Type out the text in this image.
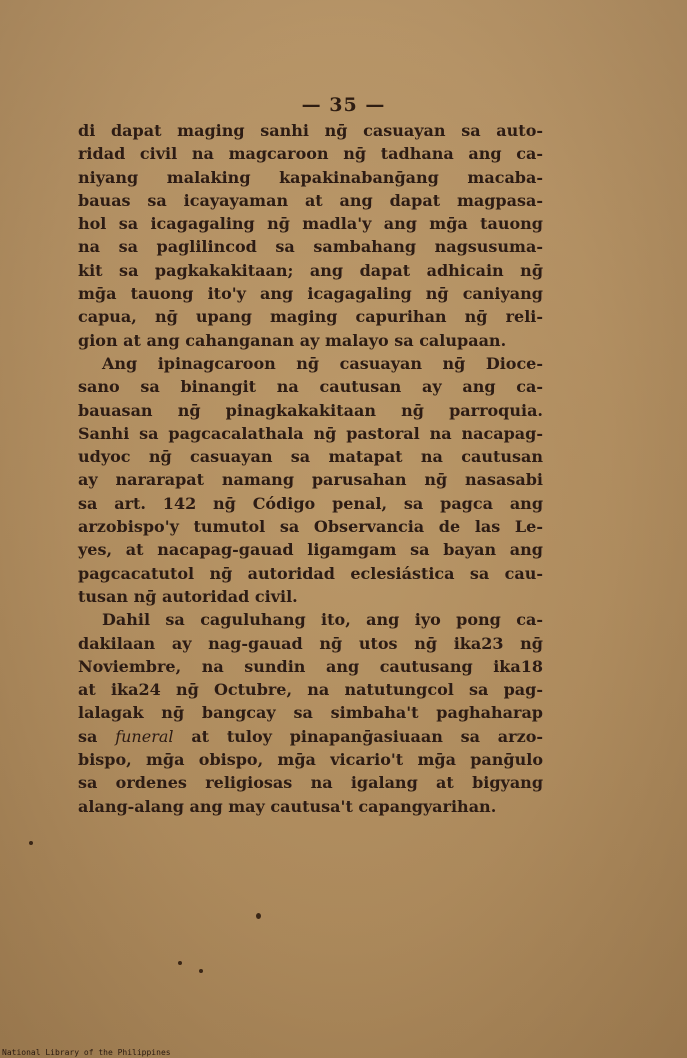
— 35 —
di dapat maging sanhi nḡ casuayan sa auto-
ridad civil na magcaroon nḡ tadhana ang ca-
niyang malaking kapakinabanḡang macaba-
bauas sa icayayaman at ang dapat magpasa-
hol sa icagagaling nḡ madla'y ang mḡa tauong
na sa paglilincod sa sambahang nagsusuma-
kit sa pagkakakitaan; ang dapat adhicain nḡ
mḡa tauong ito'y ang icagagaling nḡ caniyang
capua, nḡ upang maging capurihan nḡ reli-
gion at ang cahanganan ay malayo sa calupaan.
Ang ipinagcaroon nḡ casuayan nḡ Dioce-
sano sa binangit na cautusan ay ang ca-
bauasan nḡ pinagkakakitaan nḡ parroquia.
Sanhi sa pagcacalathala nḡ pastoral na nacapag-
udyoc nḡ casuayan sa matapat na cautusan
ay nararapat namang parusahan nḡ nasasabi
sa art. 142 nḡ Código penal, sa pagca ang
arzobispo'y tumutol sa Observancia de las Le-
yes, at nacapag-gauad ligamgam sa bayan ang
pagcacatutol nḡ autoridad eclesiástica sa cau-
tusan nḡ autoridad civil.
Dahil sa caguluhang ito, ang iyo pong ca-
dakilaan ay nag-gauad nḡ utos nḡ ika23 nḡ
Noviembre, na sundin ang cautusang ika18
at ika24 nḡ Octubre, na natutungcol sa pag-
lalagak nḡ bangcay sa simbaha't paghaharap
sa funeral at tuloy pinapanḡasiuaan sa arzo-
bispo, mḡa obispo, mḡa vicario't mḡa panḡulo
sa ordenes religiosas na igalang at bigyang
alang-alang ang may cautusa't capangyarihan.
National Library of the Philippines
